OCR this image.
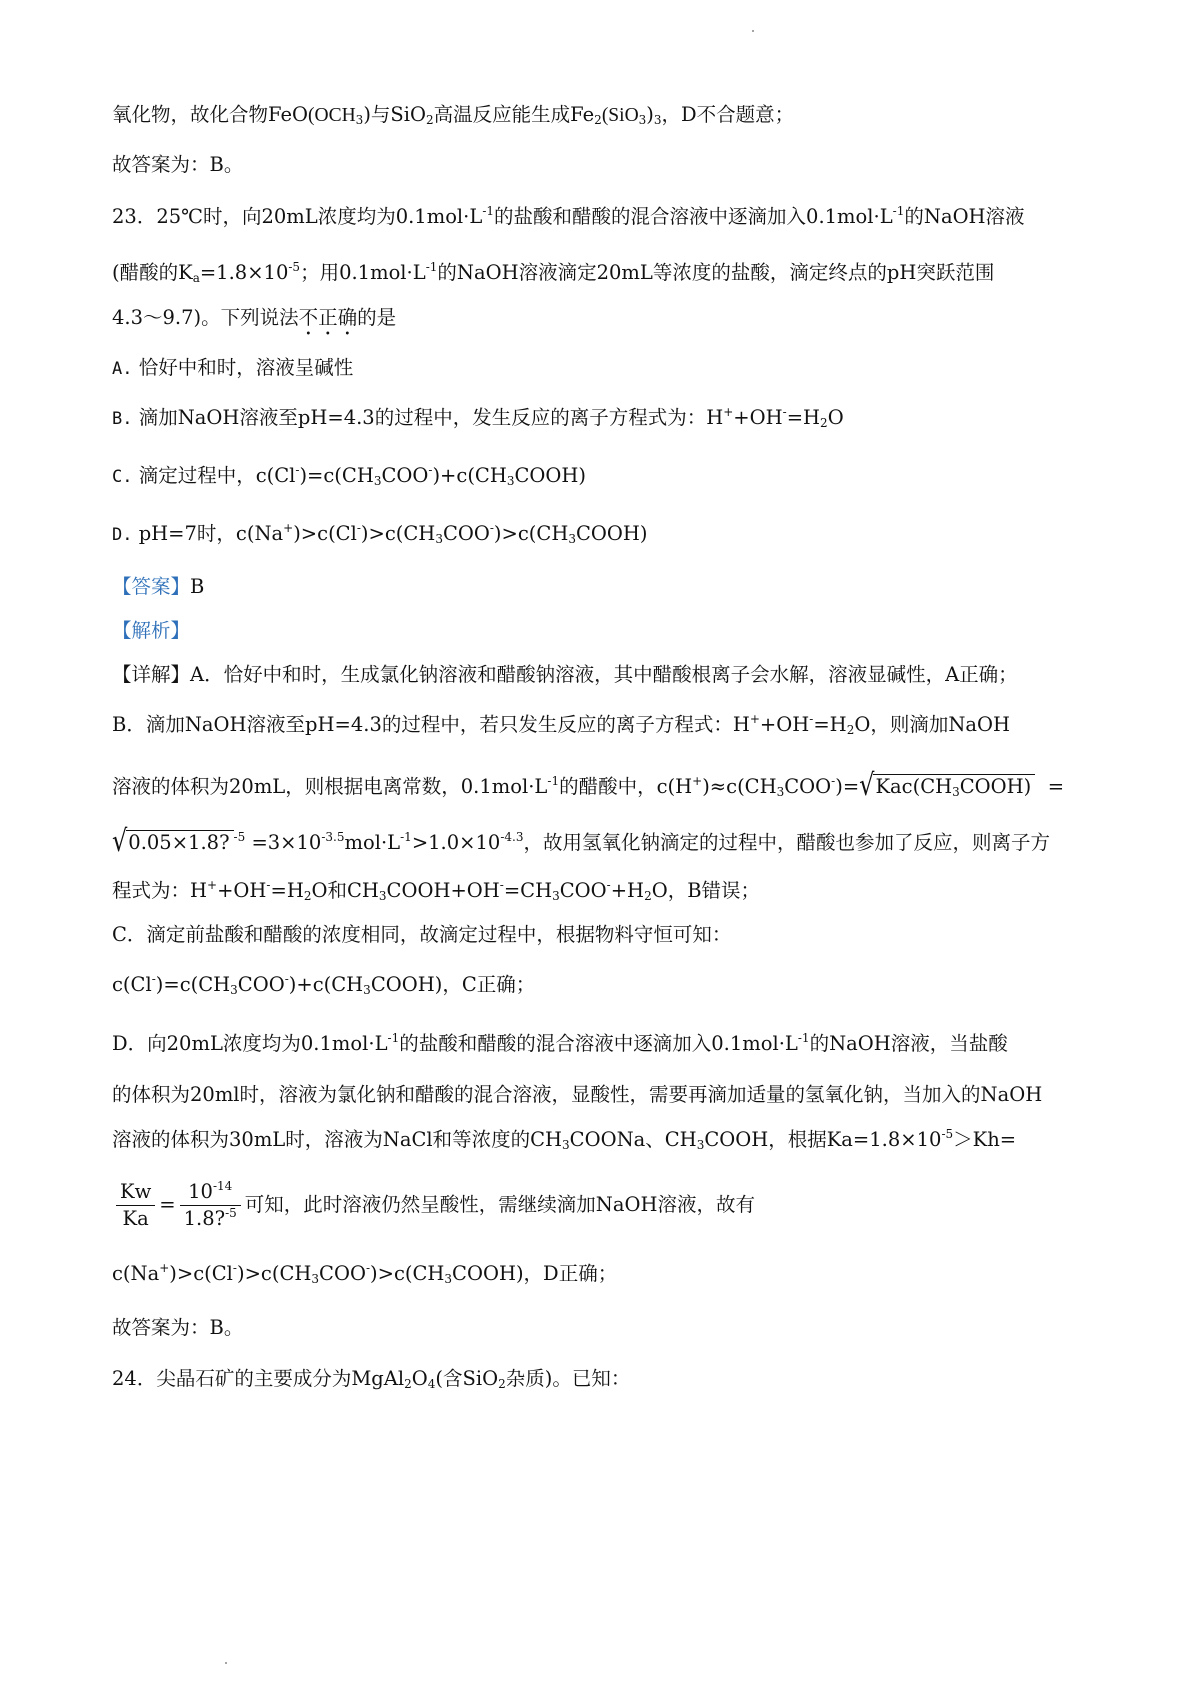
氧化物，故化合物$FeO(OCH_3)$与SiO$_2$高温反应能生成$Fe_2(SiO_3)_3$，D不合题意；
故答案为：B。
23．25℃时，向20mL浓度均为$0.1mol\cdot L^{-1}$的盐酸和醋酸的混合溶液中逐滴加入$0.1mol\cdot L^{-1}$的NaOH溶液
(醋酸的$K_a=1.8\times 10^{-5}$；用$0.1mol\cdot L^{-1}$的NaOH溶液滴定20mL等浓度的盐酸，滴定终点的pH突跃范围
4.3～9.7)。下列说法不正确的是
A. 恰好中和时，溶液呈碱性
B. 滴加NaOH溶液至pH=4.3的过程中，发生反应的离子方程式为：$H^++OH^-=H_2O$
C. 滴定过程中，$c(Cl^-)=c(CH_3COO^-)+c(CH_3COOH)$
D. pH=7时，$c(Na^+)>c(Cl^-)>c(CH_3COO^-)>c(CH_3COOH)$
【答案】B
【解析】
【详解】A．恰好中和时，生成氯化钠溶液和醋酸钠溶液，其中醋酸根离子会水解，溶液显碱性，A正确；
B．滴加NaOH溶液至pH=4.3的过程中，若只发生反应的离子方程式：$H^++OH^-=H_2O$，则滴加NaOH
溶液的体积为20mL，则根据电离常数，$0.1mol\cdot L^{-1}$的醋酸中，$c(H^+)\approx c(CH_3COO^-)=√Kac(CH_3COOH)$ =
√0.05×1.8? $^{-5} =3\times 10^{-3.5}mol\cdot L^{-1}>1.0\times 10^{-4.3}$，故用氢氧化钠滴定的过程中，醋酸也参加了反应，则离子方
程式为：$H^++OH^-=H_2O$和$CH_3COOH+OH^-=CH_3COO^-+H_2O$，B错误；
C．滴定前盐酸和醋酸的浓度相同，故滴定过程中，根据物料守恒可知：
$c(Cl^-)=c(CH_3COO^-)+c(CH_3COOH)$，C正确；
D．向20mL浓度均为$0.1mol\cdot L^{-1}$的盐酸和醋酸的混合溶液中逐滴加入$0.1mol\cdot L^{-1}$的NaOH溶液，当盐酸
的体积为20ml时，溶液为氯化钠和醋酸的混合溶液，显酸性，需要再滴加适量的氢氧化钠，当加入的NaOH
溶液的体积为30mL时，溶液为NaCl和等浓度的$CH_3COONa$、$CH_3COOH$，根据$Ka=1.8\times 10^{-5}>Kh=$
$\frac{Kw}{Ka} = \frac{10^{-14}}{1.8?^{-5}}$ 可知，此时溶液仍然呈酸性，需继续滴加NaOH溶液，故有
$c(Na^+)>c(Cl^-)>c(CH_3COO^-)>c(CH_3COOH)$，D正确；
故答案为：B。
24．尖晶石矿的主要成分为$MgAl_2O_4$(含SiO$_2$杂质)。已知：
